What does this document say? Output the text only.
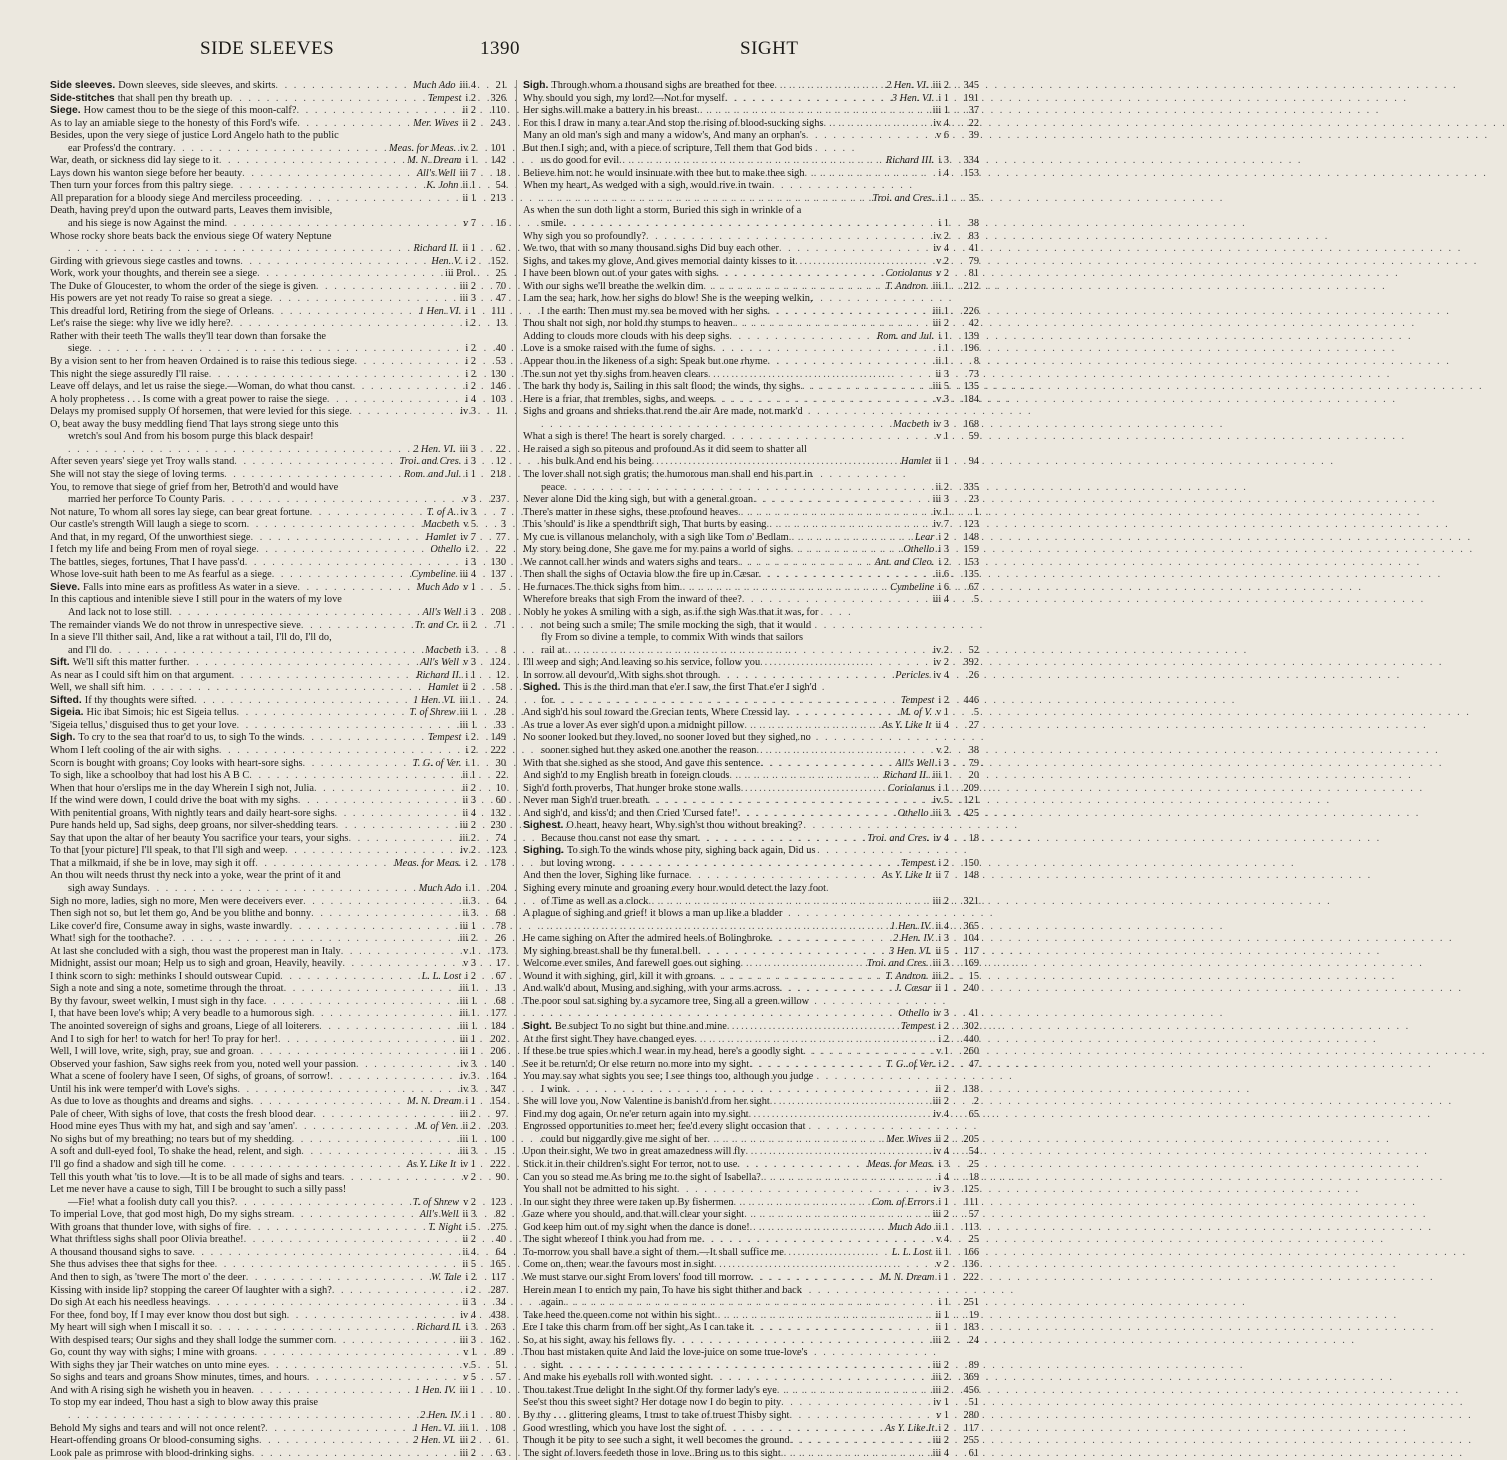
SIDE SLEEVES	1390	SIGHT
Side sleeves. Down sleeves, side sleeves, and skirts . . .	Much Ado iii 4	21
Side-stitches that shall pen thy breath up . . .	Tempest i 2	326
Siege. How camest thou to be the siege of this moon-calf? . . .	ii 2	110
As to lay an amiable siege to the honesty of this Ford's wife . . .	Mer. Wives ii 2	243
Besides, upon the very siege of justice Lord Angelo hath to the public
ear Profess'd the contrary . . .	Meas. for Meas. iv 2	101
War, death, or sickness did lay siege to it . . .	M. N. Dream i 1	142
Lays down his wanton siege before her beauty . . .	All's Well iii 7	18
Then turn your forces from this paltry siege . . .	K. John ii 1	54
All preparation for a bloody siege And merciless proceeding . . .	ii 1	213
Death, having prey'd upon the outward parts, Leaves them invisible,
and his siege is now Against the mind . . .	v 7	16
Whose rocky shore beats back the envious siege Of watery Neptune
. . .
Richard II. ii 1	62
Girding with grievous siege castles and towns . . .	Hen. V. i 2	152
Work, work your thoughts, and therein see a siege . . .	iii Prol.	25
The Duke of Gloucester, to whom the order of the siege is given . . .	iii 2	70
His powers are yet not ready To raise so great a siege . . .	iii 3	47
This dreadful lord, Retiring from the siege of Orleans . . .	1 Hen. VI. i 1	111
Let's raise the siege: why live we idly here? . . .	i 2	13
Rather with their teeth The walls they'll tear down than forsake the
siege . . .	i 2	40
By a vision sent to her from heaven Ordained is to raise this tedious siege . . .	i 2	53
This night the siege assuredly I'll raise . . .	i 2	130
Leave off delays, and let us raise the siege.—Woman, do what thou canst . . .	i 2	146
A holy prophetess . . . Is come with a great power to raise the siege . . .	i 4	103
Delays my promised supply Of horsemen, that were levied for this siege . . .	iv 3	11
O, beat away the busy meddling fiend That lays strong siege unto this
wretch's soul And from his bosom purge this black despair!
. . .
2 Hen. VI. iii 3	22
After seven years' siege yet Troy walls stand . . .	Troi. and Cres. i 3	12
She will not stay the siege of loving terms . . .	Rom. and Jul. i 1	218
You, to remove that siege of grief from her, Betroth'd and would have
married her perforce To County Paris . . .	v 3	237
Not nature, To whom all sores lay siege, can bear great fortune . . .	T. of A. iv 3	7
Our castle's strength Will laugh a siege to scorn . . .	Macbeth v 5	3
And that, in my regard, Of the unworthiest siege . . .	Hamlet iv 7	77
I fetch my life and being From men of royal siege . . .	Othello i 2	22
The battles, sieges, fortunes, That I have pass'd . . .	i 3	130
Whose love-suit hath been to me As fearful as a siege . . .	Cymbeline iii 4	137
Sieve. Falls into mine ears as profitless As water in a sieve . . .	Much Ado v 1	5
In this captious and intenible sieve I still pour in the waters of my love
And lack not to lose still . . .	All's Well i 3	208
The remainder viands We do not throw in unrespective sieve . . .	Tr. and Cr. ii 2	71
In a sieve I'll thither sail, And, like a rat without a tail, I'll do, I'll do,
and I'll do . . .	Macbeth i 3	8
Sift. We'll sift this matter further . . .	All's Well v 3	124
As near as I could sift him on that argument . . .	Richard II. i 1	12
Well, we shall sift him . . .	Hamlet ii 2	58
Sifted. If thy thoughts were sifted . . .	1 Hen. VI. iii 1	24
Sigeia. Hic ibat Simois; hic est Sigeia tellus . . .	T. of Shrew iii 1	28
'Sigeia tellus,' disguised thus to get your love . . .	iii 1	33
Sigh. To cry to the sea that roar'd to us, to sigh To the winds . . .	Tempest i 2	149
Whom I left cooling of the air with sighs . . .	i 2	222
Scorn is bought with groans; Coy looks with heart-sore sighs . . .	T. G. of Ver. i 1	30
To sigh, like a schoolboy that had lost his A B C . . .	ii 1	22
When that hour o'erslips me in the day Wherein I sigh not, Julia . . .	ii 2	10
If the wind were down, I could drive the boat with my sighs . . .	ii 3	60
With penitential groans, With nightly tears and daily heart-sore sighs . . .	ii 4	132
Pure hands held up, Sad sighs, deep groans, nor silver-shedding tears . . .	iii 2	230
Say that upon the altar of her beauty You sacrifice your tears, your sighs . . .	iii 2	74
To that [your picture] I'll speak, to that I'll sigh and weep . . .	iv 2	123
That a milkmaid, if she be in love, may sigh it off . . .	Meas. for Meas. i 2	178
An thou wilt needs thrust thy neck into a yoke, wear the print of it and
sigh away Sundays . . .	Much Ado i 1	204
Sigh no more, ladies, sigh no more, Men were deceivers ever . . .	ii 3	64
Then sigh not so, but let them go, And be you blithe and bonny . . .	ii 3	68
Like cover'd fire, Consume away in sighs, waste inwardly . . .	iii 1	78
What! sigh for the toothache? . . .	iii 2	26
At last she concluded with a sigh, thou wast the properest man in Italy . . .	v 1	173
Midnight, assist our moan; Help us to sigh and groan, Heavily, heavily . . .	v 3	17
I think scorn to sigh: methinks I should outswear Cupid . . .	L. L. Lost i 2	67
Sigh a note and sing a note, sometime through the throat . . .	iii 1	13
By thy favour, sweet welkin, I must sigh in thy face . . .	iii 1	68
I, that have been love's whip; A very beadle to a humorous sigh . . .	iii 1	177
The anointed sovereign of sighs and groans, Liege of all loiterers . . .	iii 1	184
And I to sigh for her! to watch for her! To pray for her! . . .	iii 1	202
Well, I will love, write, sigh, pray, sue and groan . . .	iii 1	206
Observed your fashion, Saw sighs reek from you, noted well your passion . . .	iv 3	140
What a scene of foolery have I seen, Of sighs, of groans, of sorrow! . . .	iv 3	164
Until his ink were temper'd with Love's sighs . . .	iv 3	347
As due to love as thoughts and dreams and sighs . . .	M. N. Dream i 1	154
Pale of cheer, With sighs of love, that costs the fresh blood dear . . .	iii 2	97
Hood mine eyes Thus with my hat, and sigh and say 'amen' . . .	M. of Ven. ii 2	203
No sighs but of my breathing; no tears but of my shedding . . .	iii 1	100
A soft and dull-eyed fool, To shake the head, relent, and sigh . . .	iii 3	15
I'll go find a shadow and sigh till he come . . .	As Y. Like It iv 1	222
Tell this youth what 'tis to love.—It is to be all made of sighs and tears . . .	v 2	90
Let me never have a cause to sigh, Till I be brought to such a silly pass!
—Fie! what a foolish duty call you this? . . .	T. of Shrew v 2	123
To imperial Love, that god most high, Do my sighs stream . . .	All's Well ii 3	82
With groans that thunder love, with sighs of fire . . .	T. Night i 5	275
What thriftless sighs shall poor Olivia breathe! . . .	ii 2	40
A thousand thousand sighs to save . . .	ii 4	64
She thus advises thee that sighs for thee . . .	ii 5	165
And then to sigh, as 'twere The mort o' the deer . . .	W. Tale i 2	117
Kissing with inside lip? stopping the career Of laughter with a sigh? . . .	i 2	287
Do sigh At each his needless heavings . . .	ii 3	34
For thee, fond boy, If I may ever know thou dost but sigh . . .	iv 4	438
My heart will sigh when I miscall it so . . .	Richard II. i 3	263
With despised tears; Our sighs and they shall lodge the summer corn . . .	iii 3	162
Go, count thy way with sighs; I mine with groans . . .	v 1	89
With sighs they jar Their watches on unto mine eyes . . .	v 5	51
So sighs and tears and groans Show minutes, times, and hours . . .	v 5	57
And with A rising sigh he wisheth you in heaven . . .	1 Hen. IV. iii 1	10
To stop my ear indeed, Thou hast a sigh to blow away this praise
. . .
2 Hen. IV. i 1	80
Behold My sighs and tears and will not once relent? . . .	1 Hen. VI. iii 1	108
Heart-offending groans Or blood-consuming sighs . . .	2 Hen. VI. iii 2	61
Look pale as primrose with blood-drinking sighs . . .	iii 2	63
Sigh. Through whom a thousand sighs are breathed for thee . . .	2 Hen. VI. iii 2	345
Why should you sigh, my lord?—Not for myself . . .	3 Hen. VI. i 1	191
Her sighs will make a battery in his breast . . .	iii 1	37
For this I draw in many a tear And stop the rising of blood-sucking sighs . . .	iv 4	22
Many an old man's sigh and many a widow's, And many an orphan's . . .	v 6	39
But then I sigh; and, with a piece of scripture, Tell them that God bids
us do good for evil . . .	Richard III. i 3	334
Believe him not: he would insinuate with thee but to make thee sigh . . .	i 4	153
When my heart, As wedged with a sigh, would rive in twain
. . .
Troi. and Cres. i 1	35
As when the sun doth light a storm, Buried this sigh in wrinkle of a
smile . . .	i 1	38
Why sigh you so profoundly? . . .	iv 2	83
We two, that with so many thousand sighs Did buy each other . . .	iv 4	41
Sighs, and takes my glove, And gives memorial dainty kisses to it . . .	v 2	79
I have been blown out of your gates with sighs . . .	Coriolanus v 2	81
With our sighs we'll breathe the welkin dim . . .	T. Andron. iii 1	212
I am the sea; hark, how her sighs do blow! She is the weeping welkin,
I the earth: Then must my sea be moved with her sighs . . .	iii 1	226
Thou shalt not sigh, nor hold thy stumps to heaven . . .	iii 2	42
Adding to clouds more clouds with his deep sighs . . .	Rom. and Jul. i 1	139
Love is a smoke raised with the fume of sighs . . .	i 1	196
Appear thou in the likeness of a sigh: Speak but one rhyme . . .	ii 1	8
The sun not yet thy sighs from heaven clears . . .	ii 3	73
The bark thy body is, Sailing in this salt flood; the winds, thy sighs . . .	iii 5	135
Here is a friar, that trembles, sighs, and weeps . . .	v 3	184
Sighs and groans and shrieks that rend the air Are made, not mark'd
. . .
Macbeth iv 3	168
What a sigh is there! The heart is sorely charged . . .	v 1	59
He raised a sigh so piteous and profound As it did seem to shatter all
his bulk And end his being . . .	Hamlet ii 1	94
The lover shall not sigh gratis; the humorous man shall end his part in
peace . . .	ii 2	335
Never alone Did the king sigh, but with a general groan . . .	iii 3	23
There's matter in these sighs, these profound heaves . . .	iv 1	1
This 'should' is like a spendthrift sigh, That hurts by easing . . .	iv 7	123
My cue is villanous melancholy, with a sigh like Tom o' Bedlam . . .	Lear i 2	148
My story being done, She gave me for my pains a world of sighs . . .	Othello i 3	159
We cannot call her winds and waters sighs and tears . . .	Ant. and Cleo. i 2	153
Then shall the sighs of Octavia blow the fire up in Cæsar . . .	ii 6	135
He furnaces The thick sighs from him . . .	Cymbeline i 6	67
Wherefore breaks that sigh From the inward of thee? . . .	iii 4	5
Nobly he yokes A smiling with a sigh, as if the sigh Was that it was, for
not being such a smile; The smile mocking the sigh, that it would
fly From so divine a temple, to commix With winds that sailors
rail at . . .	iv 2	52
I'll weep and sigh; And leaving so his service, follow you . . .	iv 2	392
In sorrow all devour'd, With sighs shot through . . .	Pericles iv 4	26
Sighed. This is the third man that e'er I saw, the first That e'er I sigh'd
for . . .	Tempest i 2	446
And sigh'd his soul toward the Grecian tents, Where Cressid lay . . .	M. of V. v 1	5
As true a lover As ever sigh'd upon a midnight pillow . . .	As Y. Like It ii 4	27
No sooner looked but they loved, no sooner loved but they sighed, no
sooner sighed but they asked one another the reason . . .	v 2	38
With that she sighed as she stood, And gave this sentence . . .	All's Well i 3	79
And sigh'd to my English breath in foreign clouds . . .	Richard II. iii 1	20
Sigh'd forth proverbs, That hunger broke stone walls . . .	Coriolanus i 1	209
Never man Sigh'd truer breath . . .	iv 5	121
And sigh'd, and kiss'd; and then Cried 'Cursed fate!' . . .	Othello iii 3	425
Sighest. O heart, heavy heart, Why sigh'st thou without breaking?
Because thou canst not ease thy smart . . .	Troi. and Cres. iv 4	18
Sighing. To sigh To the winds whose pity, sighing back again, Did us
but loving wrong . . .	Tempest i 2	150
And then the lover, Sighing like furnace . . .	As Y. Like It ii 7	148
Sighing every minute and groaning every hour would detect the lazy foot
of Time as well as a clock . . .	iii 2	321
A plague of sighing and grief! it blows a man up like a bladder
. . .
1 Hen. IV. ii 4	365
He came sighing on After the admired heels of Bolingbroke . . .	2 Hen. IV. i 3	104
My sighing breast shall be thy funeral bell . . .	3 Hen. VI. ii 5	117
Welcome ever smiles, And farewell goes out sighing . . .	Troi. and Cres. iii 3	169
Wound it with sighing, girl, kill it with groans . . .	T. Andron. iii 2	15
And walk'd about, Musing and sighing, with your arms across . . .	J. Cæsar ii 1	240
The poor soul sat sighing by a sycamore tree, Sing all a green willow
. . .
Othello iv 3	41
Sight. Be subject To no sight but thine and mine . . .	Tempest i 2	302
At the first sight They have changed eyes . . .	i 2	440
If these be true spies which I wear in my head, here's a goodly sight . . .	v 1	260
See it be return'd; Or else return no more into my sight . . .	T. G. of Ver. i 2	47
You may say what sights you see; I see things too, although you judge
I wink . . .	ii 2	138
She will love you, Now Valentine is banish'd from her sight . . .	iii 2	2
Find my dog again, Or ne'er return again into my sight . . .	iv 4	65
Engrossed opportunities to meet her; fee'd every slight occasion that
could but niggardly give me sight of her . . .	Mer. Wives ii 2	205
Upon their sight, We two in great amazedness will fly . . .	iv 4	54
Stick it in their children's sight For terror, not to use . . .	Meas. for Meas. i 3	25
Can you so stead me As bring me to the sight of Isabella? . . .	i 4	18
You shall not be admitted to his sight . . .	iv 3	125
In our sight they three were taken up By fishermen . . .	Com. of Errors i 1	111
Gaze where you should, and that will clear your sight . . .	iii 2	57
God keep him out of my sight when the dance is done! . . .	Much Ado ii 1	113
The sight whereof I think you had from me . . .	v 4	25
To-morrow you shall have a sight of them.—It shall suffice me . . .	L. L. Lost ii 1	166
Come on, then; wear the favours most in sight . . .	v 2	136
We must starve our sight From lovers' food till morrow . . .	M. N. Dream i 1	222
Herein mean I to enrich my pain, To have his sight thither and back
again . . .	i 1	251
Take heed the queen come not within his sight . . .	ii 1	19
Ere I take this charm from off her sight, As I can take it . . .	ii 1	183
So, at his sight, away his fellows fly . . .	iii 2	24
Thou hast mistaken quite And laid the love-juice on some true-love's
sight . . .	iii 2	89
And make his eyeballs roll with wonted sight . . .	iii 2	369
Thou takest True delight In the sight Of thy former lady's eye . . .	iii 2	456
See'st thou this sweet sight? Her dotage now I do begin to pity . . .	iv 1	51
By thy . . . glittering gleams, I trust to take of truest Thisby sight . . .	v 1	280
Good wrestling, which you have lost the sight of . . .	As Y. Like It i 2	117
Though it be pity to see such a sight, it well becomes the ground . . .	iii 2	255
The sight of lovers feedeth those in love. Bring us to this sight . . .	iii 4	61
